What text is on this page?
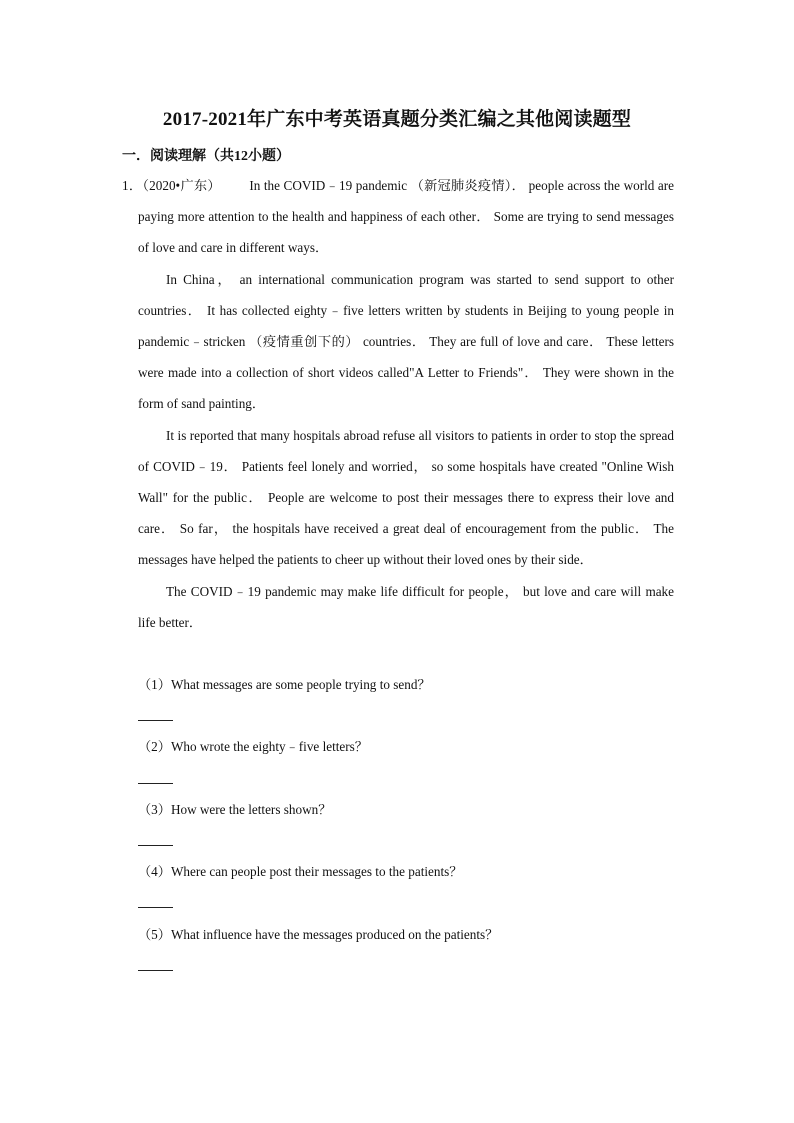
2017-2021年广东中考英语真题分类汇编之其他阅读题型
一．阅读理解（共12小题）

1．（2020•广东） In the COVID﹣19 pandemic （新冠肺炎疫情）． people across the world are paying more attention to the health and happiness of each other． Some are trying to send messages of love and care in different ways．

In China， an international communication program was started to send support to other countries． It has collected eighty﹣five letters written by students in Beijing to young people in pandemic﹣stricken （疫情重创下的） countries． They are full of love and care． These letters were made into a collection of short videos called"A Letter to Friends"． They were shown in the form of sand painting．

It is reported that many hospitals abroad refuse all visitors to patients in order to stop the spread of COVID﹣19． Patients feel lonely and worried， so some hospitals have created "Online Wish Wall" for the public． People are welcome to post their messages there to express their love and care． So far， the hospitals have received a great deal of encouragement from the public． The messages have helped the patients to cheer up without their loved ones by their side．

The COVID﹣19 pandemic may make life difficult for people， but love and care will make life better．

（1）What messages are some people trying to send？

（2）Who wrote the eighty﹣five letters？

（3）How were the letters shown？

（4）Where can people post their messages to the patients？

（5）What influence have the messages produced on the patients？
